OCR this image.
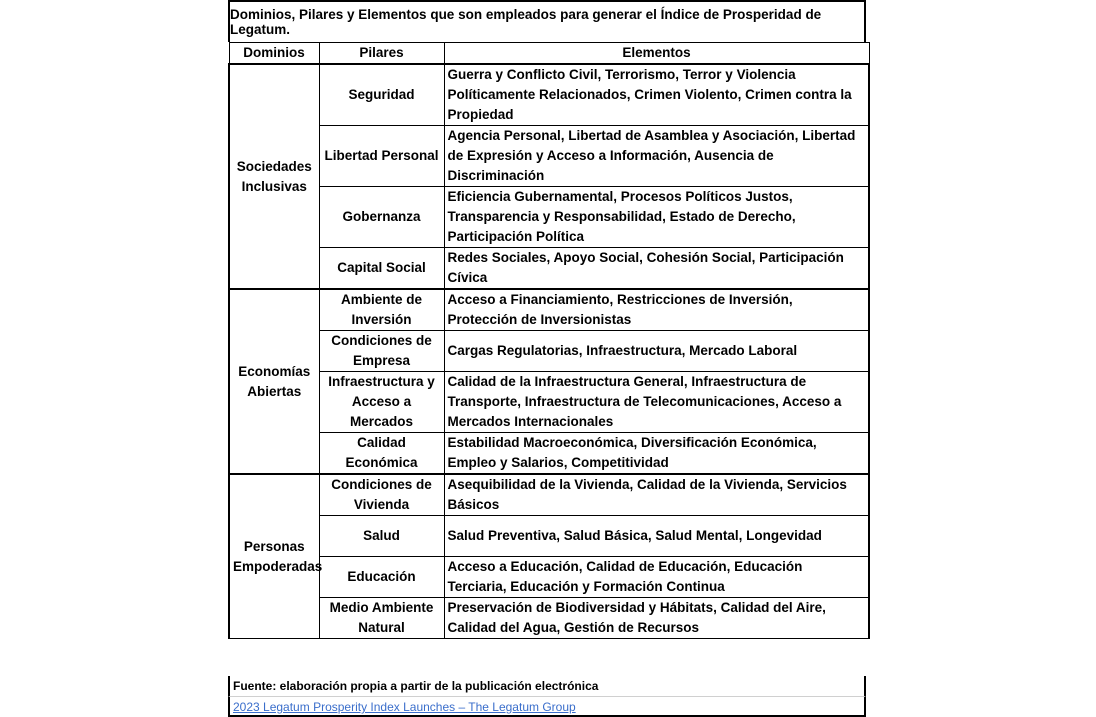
Dominios, Pilares y Elementos que son empleados para generar el Índice de Prosperidad de Legatum.
Dominios	Pilares	Elementos
Sociedades Inclusivas	Seguridad	Guerra y Conflicto Civil, Terrorismo, Terror y Violencia Políticamente Relacionados, Crimen Violento, Crimen contra la Propiedad
	Libertad Personal	Agencia Personal, Libertad de Asamblea y Asociación, Libertad de Expresión y Acceso a Información, Ausencia de Discriminación
	Gobernanza	Eficiencia Gubernamental, Procesos Políticos Justos, Transparencia y Responsabilidad, Estado de Derecho, Participación Política
	Capital Social	Redes Sociales, Apoyo Social, Cohesión Social, Participación Cívica
Economías Abiertas	Ambiente de Inversión	Acceso a Financiamiento, Restricciones de Inversión, Protección de Inversionistas
	Condiciones de Empresa	Cargas Regulatorias, Infraestructura, Mercado Laboral
	Infraestructura y Acceso a Mercados	Calidad de la Infraestructura General, Infraestructura de Transporte, Infraestructura de Telecomunicaciones, Acceso a Mercados Internacionales
	Calidad Económica	Estabilidad Macroeconómica, Diversificación Económica, Empleo y Salarios, Competitividad
Personas Empoderadas	Condiciones de Vivienda	Asequibilidad de la Vivienda, Calidad de la Vivienda, Servicios Básicos
	Salud	Salud Preventiva, Salud Básica, Salud Mental, Longevidad
	Educación	Acceso a Educación, Calidad de Educación, Educación Terciaria, Educación y Formación Continua
	Medio Ambiente Natural	Preservación de Biodiversidad y Hábitats, Calidad del Aire, Calidad del Agua, Gestión de Recursos
Fuente: elaboración propia a partir de la publicación electrónica
2023 Legatum Prosperity Index Launches – The Legatum Group
